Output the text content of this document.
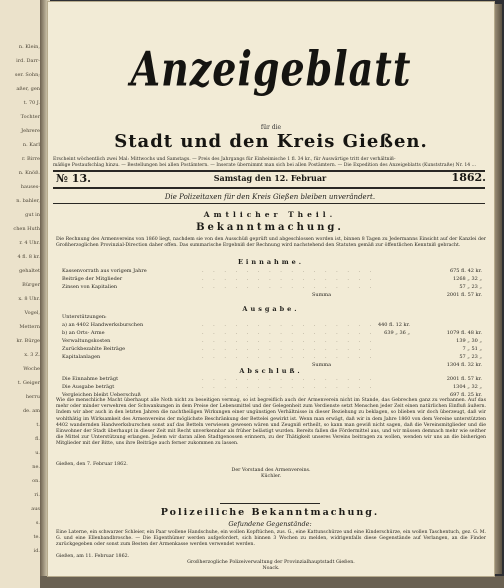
n. Klein,
ird. Darr-
ser. Sohn;
aßer, gen
t. 70 J.
Tochter
Jehrere
n. Karl
r. Birre
n. Knöß.
hauses-
n. bahler,
gut in
chen Huth
r. 4 Uhr.
4 fl. 8 kr.
gehaltet
Bürger
x. 8 Uhr.
Vogel,
Mettern
kr. Bürge
x. 3 Z.
Woche
t. Geiger
herru
de. am
t.
fl.
u.
ne.
on.
ri.
aus
s.
te.
id.
Anzeigeblatt
für die
Stadt und den Kreis Gießen.
Erscheint wöchentlich zwei Mal: Mittwochs und Samstags. — Preis des Jahrgangs für Einheimische 1 fl. 34 kr., für Auswärtige tritt der verhältniß-
mäßige Postaufschlag hinzu. — Bestellungen bei allen Postämtern. — Inserate übernimmt man sich bei allen Postämtern. — Die Expedition des Anzeigeblatts (Kunststraße) Nr. 14 ...
№ 13.	Samstag den 12. Februar	1862.
Die Polizeitaxen für den Kreis Gießen bleiben unverändert.
Amtlicher Theil.
Bekanntmachung.
Die Rechnung des Armenvereins von 1860 liegt, nachdem sie von den Ausschüß geprüft und abgeschlossen worden ist, binnen 8 Tagen zu Jedermanns Einsicht auf der Kanzlei der Großherzoglichen Provinzial-Direction daher offen. Das summarische Ergebniß der Rechnung wird nachstehend den Statuten gemäß zur öffentlichen Kenntniß gebracht.
Einnahme.
Kassenvorrath aus vorigem Jahre	. . . . . . . . . . . . . . . .	675 fl. 42 kr.
Beiträge der Mitglieder	. . . . . . . . . . . . . . . .	1268 „ 32 „
Zinsen von Kapitalien	. . . . . . . . . . . . . . . .	57 „ 23 „
Summa	2001 fl. 57 kr.
Ausgabe.
Unterstützungen:
a) an 4402 Handwerksburschen	. . . . . . . . . . . . . . . . 440 fl. 12 kr.
b) an Orts- Arme	. . . . . . . . . . . . . . . .	639 „ 36 „	1079 fl. 48 kr.
Verwaltungskosten	. . . . . . . . . . . . . . . .	139 „ 30 „
Zurückbezahlte Beiträge	. . . . . . . . . . . . . . . .	7 „ 51 „
Kapitalanlagen	. . . . . . . . . . . . . . . .	57 „ 23 „
Summa	1304 fl. 32 kr.
Abschluß.
Die Einnahme beträgt	. . . . . . . . . . . . . . . .	2001 fl. 57 kr.
Die Ausgabe beträgt	. . . . . . . . . . . . . . . .	1304 „ 32 „
Vergleichen bleibt Ueberschuß	. . . . . . . . . . . . . . . .	697 fl. 25 kr.
Wie die menschliche Macht überhaupt alle Noth nicht zu beseitigen vermag, so ist begreiflich auch der Armenverein nicht im Stande, das Gebrechen ganz zu verbannen. Auf das mehr oder minder verwehren der Schwankungen in dem Preise der Lebensmittel und der Gelegenheit zum Verdienste setzt Menschen jeder Zeit einen natürlichen Einfluß äußern. Indem wir aber auch in den letzten Jahren die nachtheiligen Wirkungen einer ungünstigen Verhältnisse in dieser Beziehung zu beklagen, so blieben wir doch überzeugt, daß wir wohlthätig im Wirksamkeit des Armenvereins der möglichste Beschränkung der Bettelei gewirkt ist. Wenn man erwägt, daß wir in dem Jahre 1860 von dem Vereine unterstützten 4402 wandernden Handwerksburschen sonst auf das Betteln verwiesen gewesen wären und Zeugniß ertheilt, so kann man gewiß nicht sagen, daß die Vereinsmitglieder und die Einwohner der Stadt überhaupt in dieser Zeit mit Recht unverkennbar als früher belästigt wurden. Bereits fallen die Fördermittel aus, und wir müssen demnach mehr wie seither die Mittel zur Unterstützung erlangen. Jedem wir daran allen Stadtgenossen erinnern, zu der Thätigkeit unseres Vereins beitragen zu wollen, wenden wir uns an die bisherigen Mitglieder mit der Bitte, uns ihre Beiträge auch ferner zukommen zu lassen.
Gießen, den 7. Februar 1862.
Der Vorstand des Armenvereins.
Küchler.
Polizeiliche Bekanntmachung.
Gefundene Gegenstände:
Eine Laterne, ein schwarzer Schleier, ein Paar wollene Handschuhe, ein wollen Kopftüchen, zus. G., eine Kattunschürze und eine Kinderschürze, ein wollen Taschentuch, gez. G. M. G. und eine Ellenbandbrosche. — Die Eigenthümer werden aufgefordert, sich binnen 3 Wochen zu melden, widrigenfalls diese Gegenstände auf Verlangen, an die Finder zurückgegeben oder sonst zum Besten der Armenkasse werden verwendet werden.
Gießen, am 11. Februar 1862.
Großherzogliche Polizeiverwaltung der Provinzialhauptstadt Gießen.
Noack.
